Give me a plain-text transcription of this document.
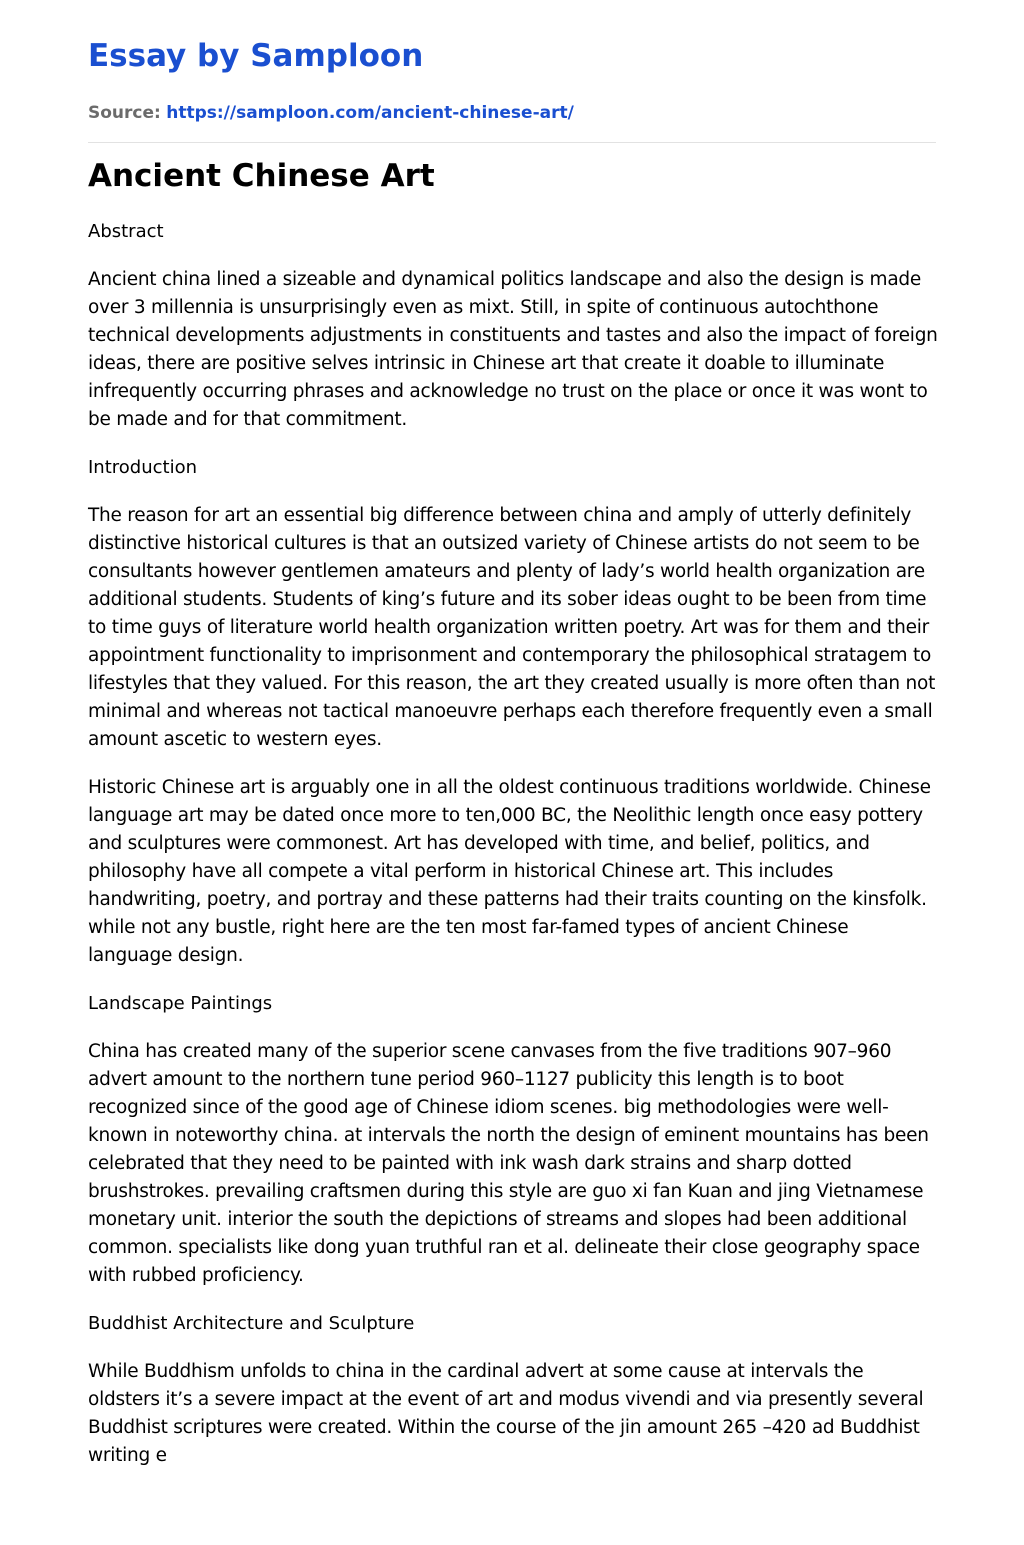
Essay by Samploon
Source: https://samploon.com/ancient-chinese-art/
Ancient Chinese Art
Abstract

Ancient china lined a sizeable and dynamical politics landscape and also the design is made over 3 millennia is unsurprisingly even as mixt. Still, in spite of continuous autochthone technical developments adjustments in constituents and tastes and also the impact of foreign ideas, there are positive selves intrinsic in Chinese art that create it doable to illuminate infrequently occurring phrases and acknowledge no trust on the place or once it was wont to be made and for that commitment.

Introduction

The reason for art an essential big difference between china and amply of utterly definitely distinctive historical cultures is that an outsized variety of Chinese artists do not seem to be consultants however gentlemen amateurs and plenty of lady’s world health organization are additional students. Students of king’s future and its sober ideas ought to be been from time to time guys of literature world health organization written poetry. Art was for them and their appointment functionality to imprisonment and contemporary the philosophical stratagem to lifestyles that they valued. For this reason, the art they created usually is more often than not minimal and whereas not tactical manoeuvre perhaps each therefore frequently even a small amount ascetic to western eyes.

Historic Chinese art is arguably one in all the oldest continuous traditions worldwide. Chinese language art may be dated once more to ten,000 BC, the Neolithic length once easy pottery and sculptures were commonest. Art has developed with time, and belief, politics, and philosophy have all compete a vital perform in historical Chinese art. This includes handwriting, poetry, and portray and these patterns had their traits counting on the kinsfolk. while not any bustle, right here are the ten most far-famed types of ancient Chinese language design.

Landscape Paintings

China has created many of the superior scene canvases from the five traditions 907–960 advert amount to the northern tune period 960–1127 publicity this length is to boot recognized since of the good age of Chinese idiom scenes. big methodologies were well-known in noteworthy china. at intervals the north the design of eminent mountains has been celebrated that they need to be painted with ink wash dark strains and sharp dotted brushstrokes. prevailing craftsmen during this style are guo xi fan Kuan and jing Vietnamese monetary unit. interior the south the depictions of streams and slopes had been additional common. specialists like dong yuan truthful ran et al. delineate their close geography space with rubbed proficiency.

Buddhist Architecture and Sculpture

While Buddhism unfolds to china in the cardinal advert at some cause at intervals the oldsters it’s a severe impact at the event of art and modus vivendi and via presently several Buddhist scriptures were created. Within the course of the jin amount 265 –420 ad Buddhist writing e
